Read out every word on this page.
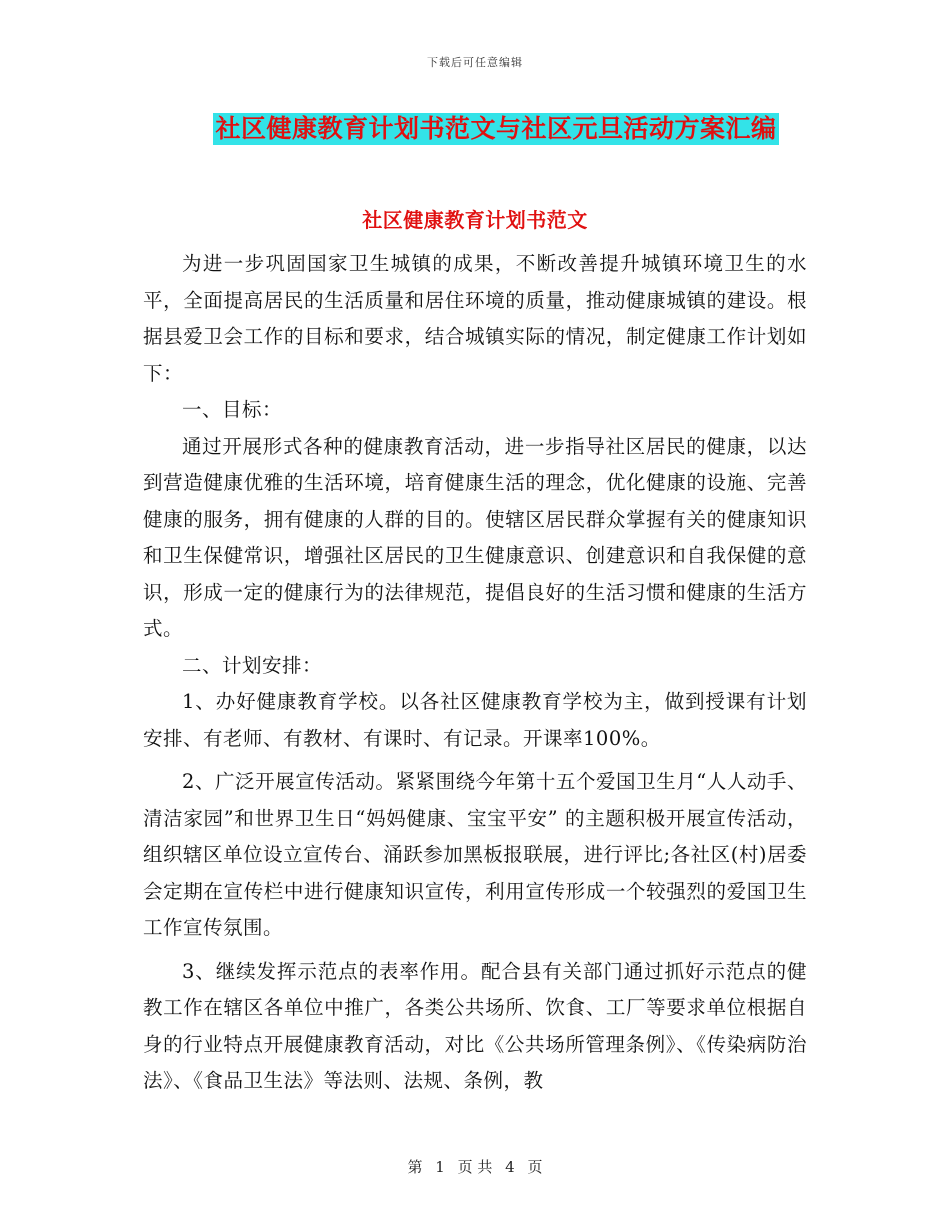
下载后可任意编辑
社区健康教育计划书范文与社区元旦活动方案汇编
社区健康教育计划书范文

为进一步巩固国家卫生城镇的成果，不断改善提升城镇环境卫生的水平，全面提高居民的生活质量和居住环境的质量，推动健康城镇的建设。根据县爱卫会工作的目标和要求，结合城镇实际的情况，制定健康工作计划如下：

一、目标：

通过开展形式各种的健康教育活动，进一步指导社区居民的健康，以达到营造健康优雅的生活环境，培育健康生活的理念，优化健康的设施、完善健康的服务，拥有健康的人群的目的。使辖区居民群众掌握有关的健康知识和卫生保健常识，增强社区居民的卫生健康意识、创建意识和自我保健的意识，形成一定的健康行为的法律规范，提倡良好的生活习惯和健康的生活方式。

二、计划安排：

1、办好健康教育学校。以各社区健康教育学校为主，做到授课有计划安排、有老师、有教材、有课时、有记录。开课率100%。

2、广泛开展宣传活动。紧紧围绕今年第十五个爱国卫生月“人人动手、清洁家园”和世界卫生日“妈妈健康、宝宝平安” 的主题积极开展宣传活动，组织辖区单位设立宣传台、涌跃参加黑板报联展，进行评比;各社区(村)居委会定期在宣传栏中进行健康知识宣传，利用宣传形成一个较强烈的爱国卫生工作宣传氛围。

3、继续发挥示范点的表率作用。配合县有关部门通过抓好示范点的健教工作在辖区各单位中推广，各类公共场所、饮食、工厂等要求单位根据自身的行业特点开展健康教育活动，对比《公共场所管理条例》、《传染病防治法》、《食品卫生法》等法则、法规、条例，教

第 1 页 共 4 页
